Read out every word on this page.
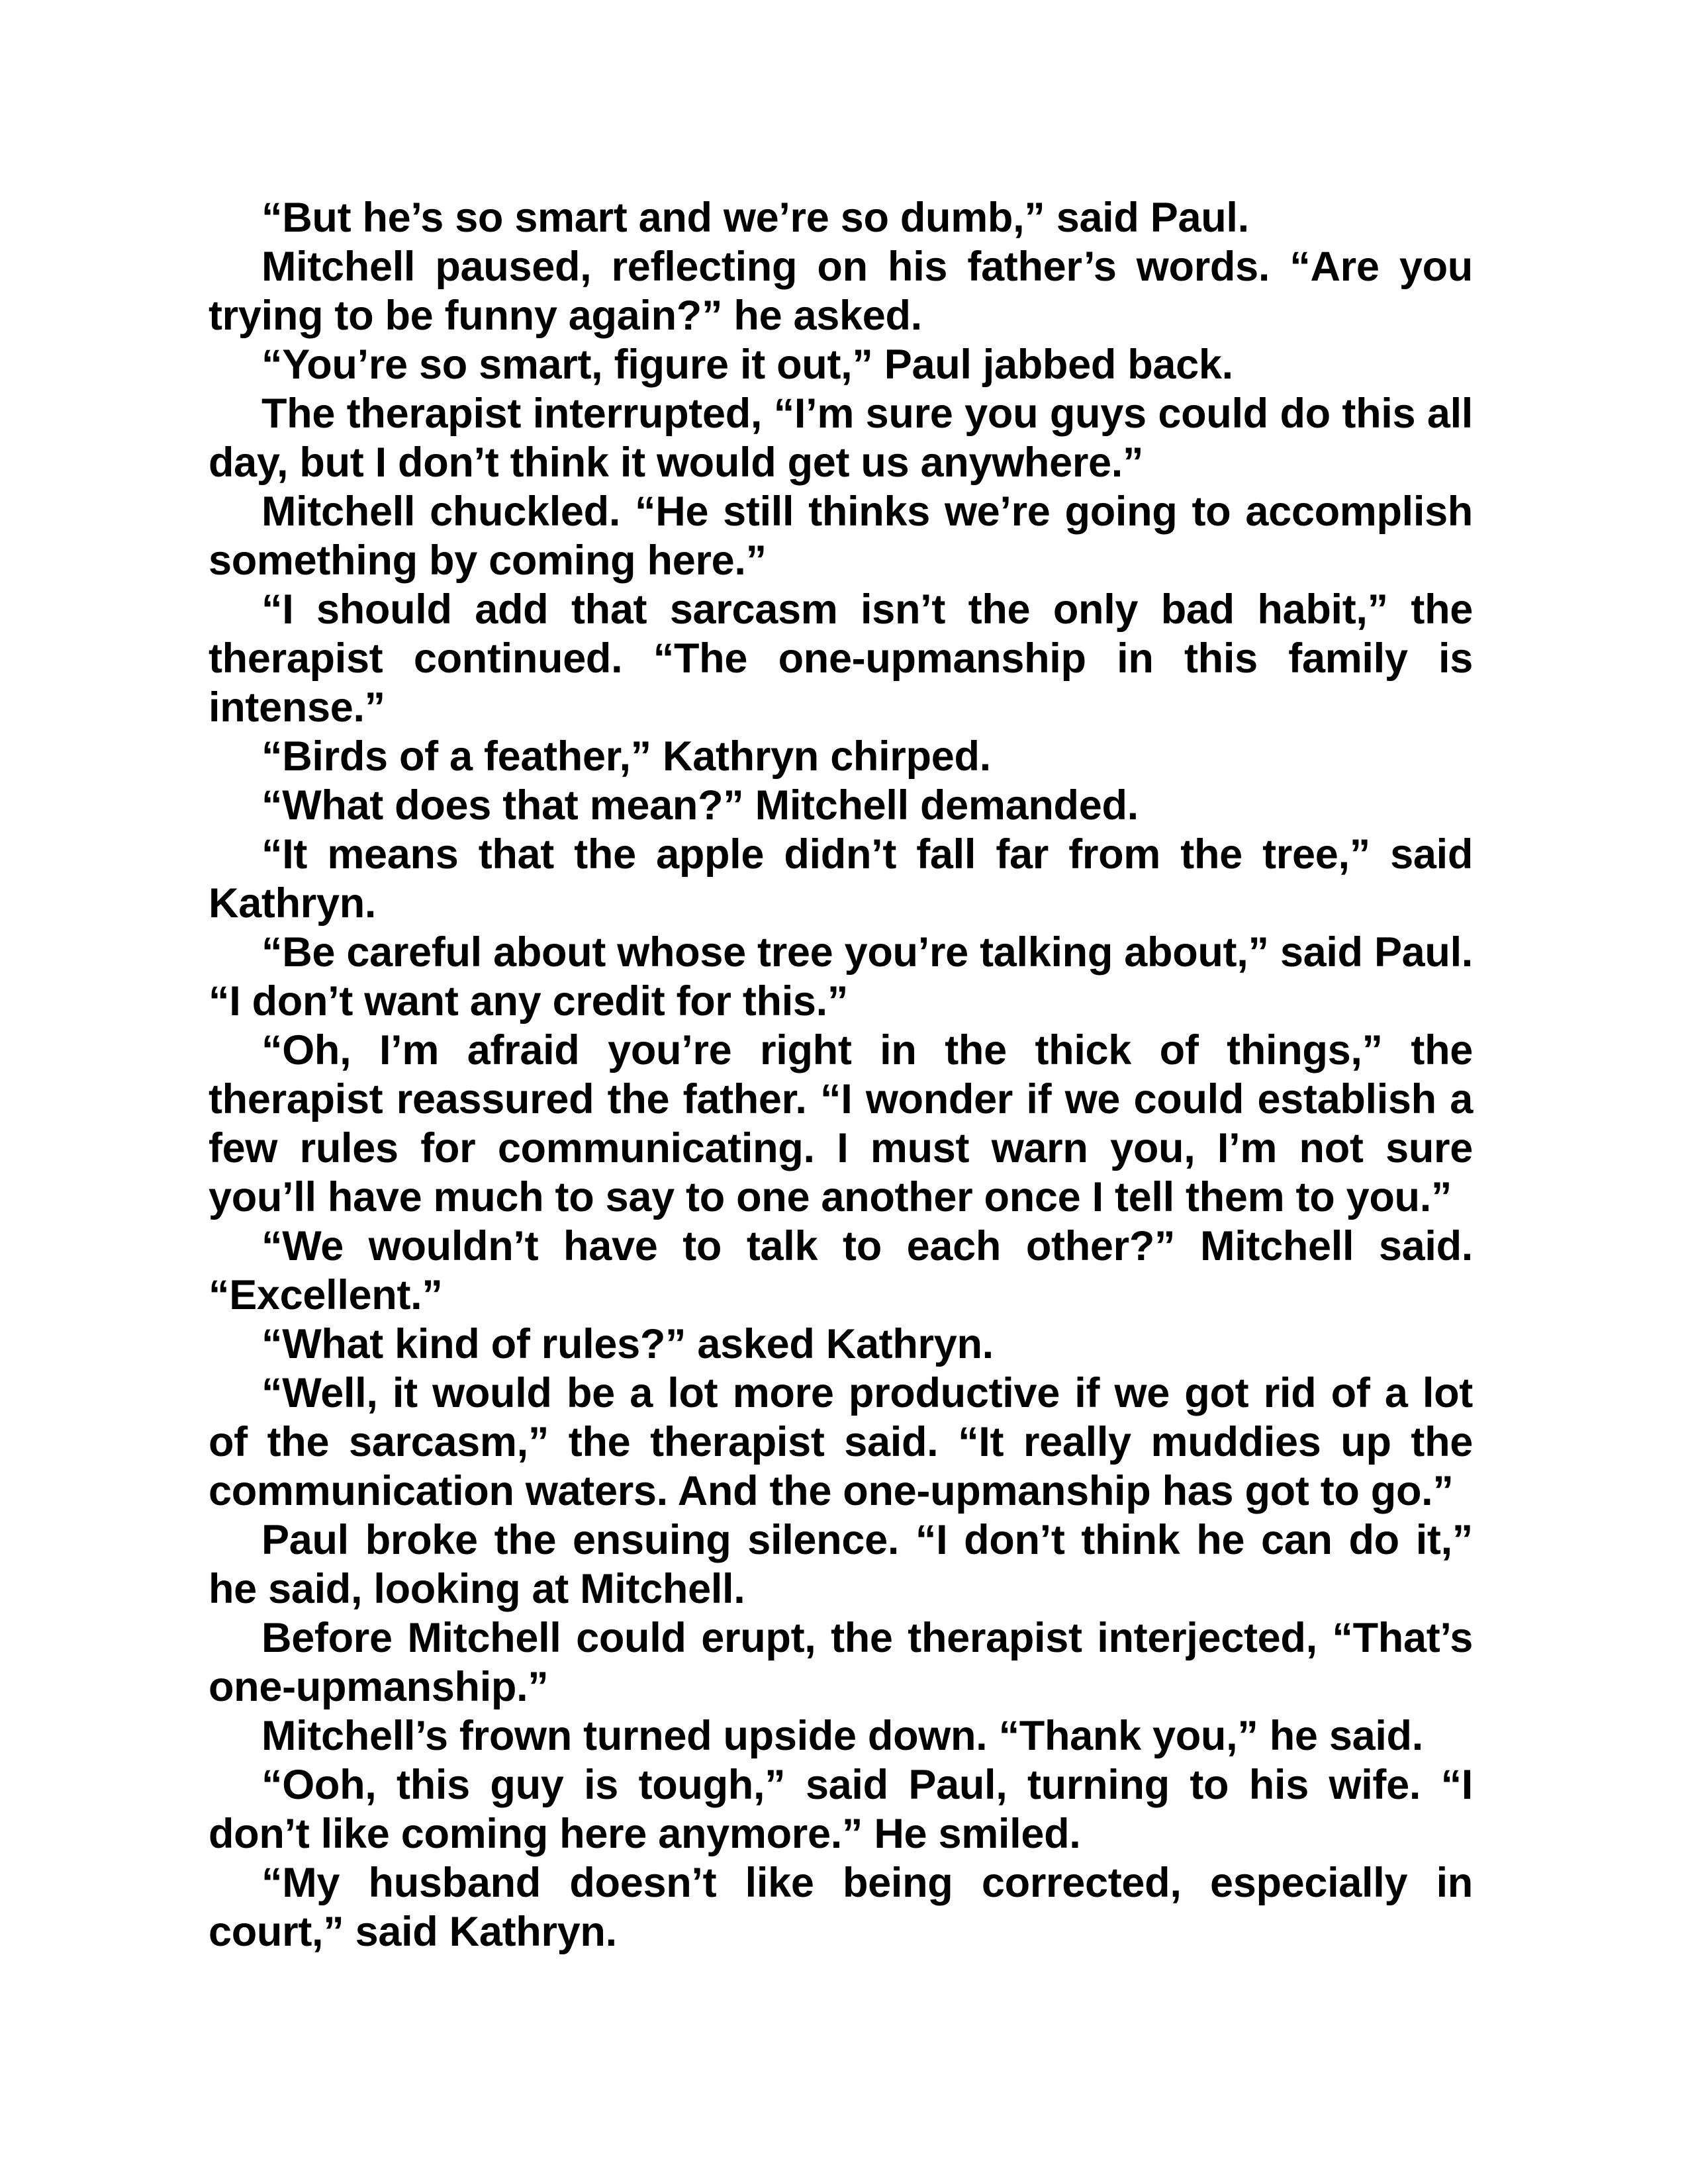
“But he’s so smart and we’re so dumb,” said Paul.

Mitchell paused, reflecting on his father’s words. “Are you trying to be funny again?” he asked.

“You’re so smart, figure it out,” Paul jabbed back.

The therapist interrupted, “I’m sure you guys could do this all day, but I don’t think it would get us anywhere.”

Mitchell chuckled. “He still thinks we’re going to accomplish something by coming here.”

“I should add that sarcasm isn’t the only bad habit,” the therapist continued. “The one-upmanship in this family is intense.”

“Birds of a feather,” Kathryn chirped.

“What does that mean?” Mitchell demanded.

“It means that the apple didn’t fall far from the tree,” said Kathryn.

“Be careful about whose tree you’re talking about,” said Paul. “I don’t want any credit for this.”

“Oh, I’m afraid you’re right in the thick of things,” the therapist reassured the father. “I wonder if we could establish a few rules for communicating. I must warn you, I’m not sure you’ll have much to say to one another once I tell them to you.”

“We wouldn’t have to talk to each other?” Mitchell said. “Excellent.”

“What kind of rules?” asked Kathryn.

“Well, it would be a lot more productive if we got rid of a lot of the sarcasm,” the therapist said. “It really muddies up the communication waters. And the one-upmanship has got to go.”

Paul broke the ensuing silence. “I don’t think he can do it,” he said, looking at Mitchell.

Before Mitchell could erupt, the therapist interjected, “That’s one-upmanship.”

Mitchell’s frown turned upside down. “Thank you,” he said.

“Ooh, this guy is tough,” said Paul, turning to his wife. “I don’t like coming here anymore.” He smiled.

“My husband doesn’t like being corrected, especially in court,” said Kathryn.
